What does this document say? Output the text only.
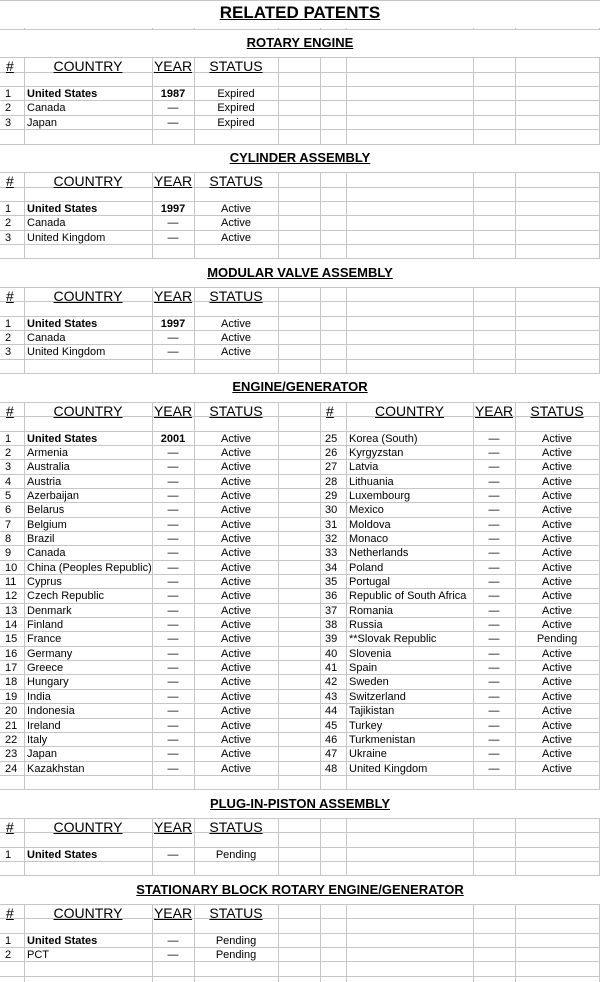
RELATED PATENTS
ROTARY ENGINE
#	COUNTRY	YEAR	STATUS
1 United States	1987	Expired
2 Canada	—	Expired
3 Japan	—	Expired
CYLINDER ASSEMBLY
#	COUNTRY	YEAR	STATUS
1 United States	1997	Active
2 Canada	—	Active
3 United Kingdom	—	Active
MODULAR VALVE ASSEMBLY
#	COUNTRY	YEAR	STATUS
1 United States	1997	Active
2 Canada	—	Active
3 United Kingdom	—	Active
ENGINE/GENERATOR
#	COUNTRY	YEAR	STATUS	#	COUNTRY	YEAR	STATUS
1 United States	2001	Active
2 Armenia	—	Active
3 Australia	—	Active
4 Austria	—	Active
5 Azerbaijan	—	Active
6 Belarus	—	Active
7 Belgium	—	Active
8 Brazil	—	Active
9 Canada	—	Active
10 China (Peoples Republic)	—	Active
11 Cyprus	—	Active
12 Czech Republic	—	Active
13 Denmark	—	Active
14 Finland	—	Active
15 France	—	Active
16 Germany	—	Active
17 Greece	—	Active
18 Hungary	—	Active
19 India	—	Active
20 Indonesia	—	Active
21 Ireland	—	Active
22 Italy	—	Active
23 Japan	—	Active
24 Kazakhstan	—	Active
25 Korea (South)	—	Active
26 Kyrgyzstan	—	Active
27 Latvia	—	Active
28 Lithuania	—	Active
29 Luxembourg	—	Active
30 Mexico	—	Active
31 Moldova	—	Active
32 Monaco	—	Active
33 Netherlands	—	Active
34 Poland	—	Active
35 Portugal	—	Active
36 Republic of South Africa	—	Active
37 Romania	—	Active
38 Russia	—	Active
39 **Slovak Republic	—	Pending
40 Slovenia	—	Active
41 Spain	—	Active
42 Sweden	—	Active
43 Switzerland	—	Active
44 Tajikistan	—	Active
45 Turkey	—	Active
46 Turkmenistan	—	Active
47 Ukraine	—	Active
48 United Kingdom	—	Active
PLUG-IN-PISTON ASSEMBLY
#	COUNTRY	YEAR	STATUS
1 United States	—	Pending
STATIONARY BLOCK ROTARY ENGINE/GENERATOR
#	COUNTRY	YEAR	STATUS
1 United States	—	Pending
2 PCT	—	Pending
